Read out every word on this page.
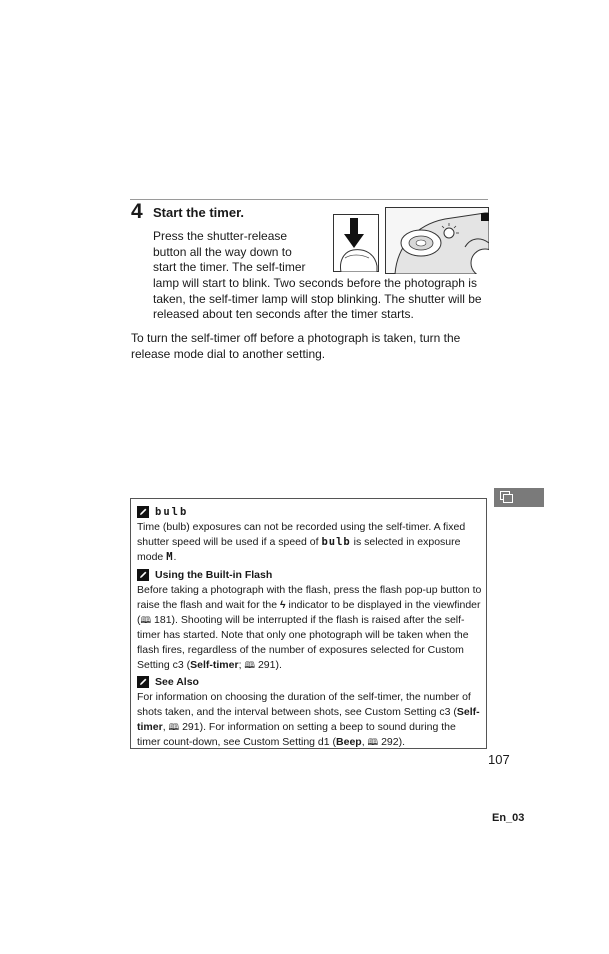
4 Start the timer.
Press the shutter-release button all the way down to start the timer. The self-timer
lamp will start to blink. Two seconds before the photograph is taken, the self-timer lamp will stop blinking. The shutter will be released about ten seconds after the timer starts.
To turn the self-timer off before a photograph is taken, turn the release mode dial to another setting.
bulb
Time (bulb) exposures can not be recorded using the self-timer. A fixed shutter speed will be used if a speed of bulb is selected in exposure mode M.
Using the Built-in Flash
Before taking a photograph with the flash, press the flash pop-up button to raise the flash and wait for the ϟ indicator to be displayed in the viewfinder (🕮 181). Shooting will be interrupted if the flash is raised after the self-timer has started. Note that only one photograph will be taken when the flash fires, regardless of the number of exposures selected for Custom Setting c3 (Self-timer; 🕮 291).
See Also
For information on choosing the duration of the self-timer, the number of shots taken, and the interval between shots, see Custom Setting c3 (Self-timer, 🕮 291). For information on setting a beep to sound during the timer count-down, see Custom Setting d1 (Beep, 🕮 292).
107
En_03
